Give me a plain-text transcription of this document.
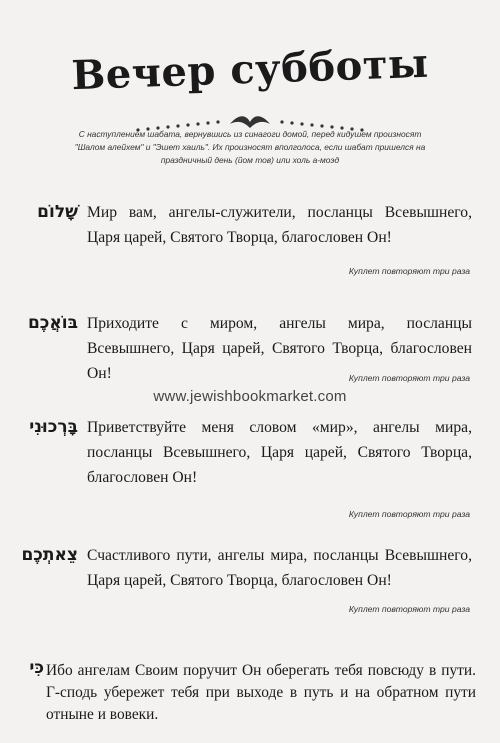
Вечер субботы
С наступлением шабата, вернувшись из синагоги домой, перед кидушем произносят "Шалом алейхем" и "Эшет хаиль". Их произносят вполголоса, если шабат пришелся на праздничный день (йом тов) или холь а-моэд
שָׁלוֹם Мир вам, ангелы-служители, посланцы Всевышнего, Царя царей, Святого Творца, благословен Он!
Куплет повторяют три раза
בּוֹאֲכֶם Приходите с миром, ангелы мира, посланцы Всевышнего, Царя царей, Святого Творца, благословен Он!	Куплет повторяют три раза
www.jewishbookmarket.com
בָּרְכוּנִי Приветствуйте меня словом «мир», ангелы мира, посланцы Всевышнего, Царя царей, Святого Творца, благословен Он!
Куплет повторяют три раза
צֵאתְכֶם Счастливого пути, ангелы мира, посланцы Всевышнего, Царя царей, Святого Творца, благословен Он!
Куплет повторяют три раза
כִּי Ибо ангелам Своим поручит Он оберегать тебя повсюду в пути. Г-сподь убережет тебя при выходе в путь и на обратном пути отныне и вовеки.
